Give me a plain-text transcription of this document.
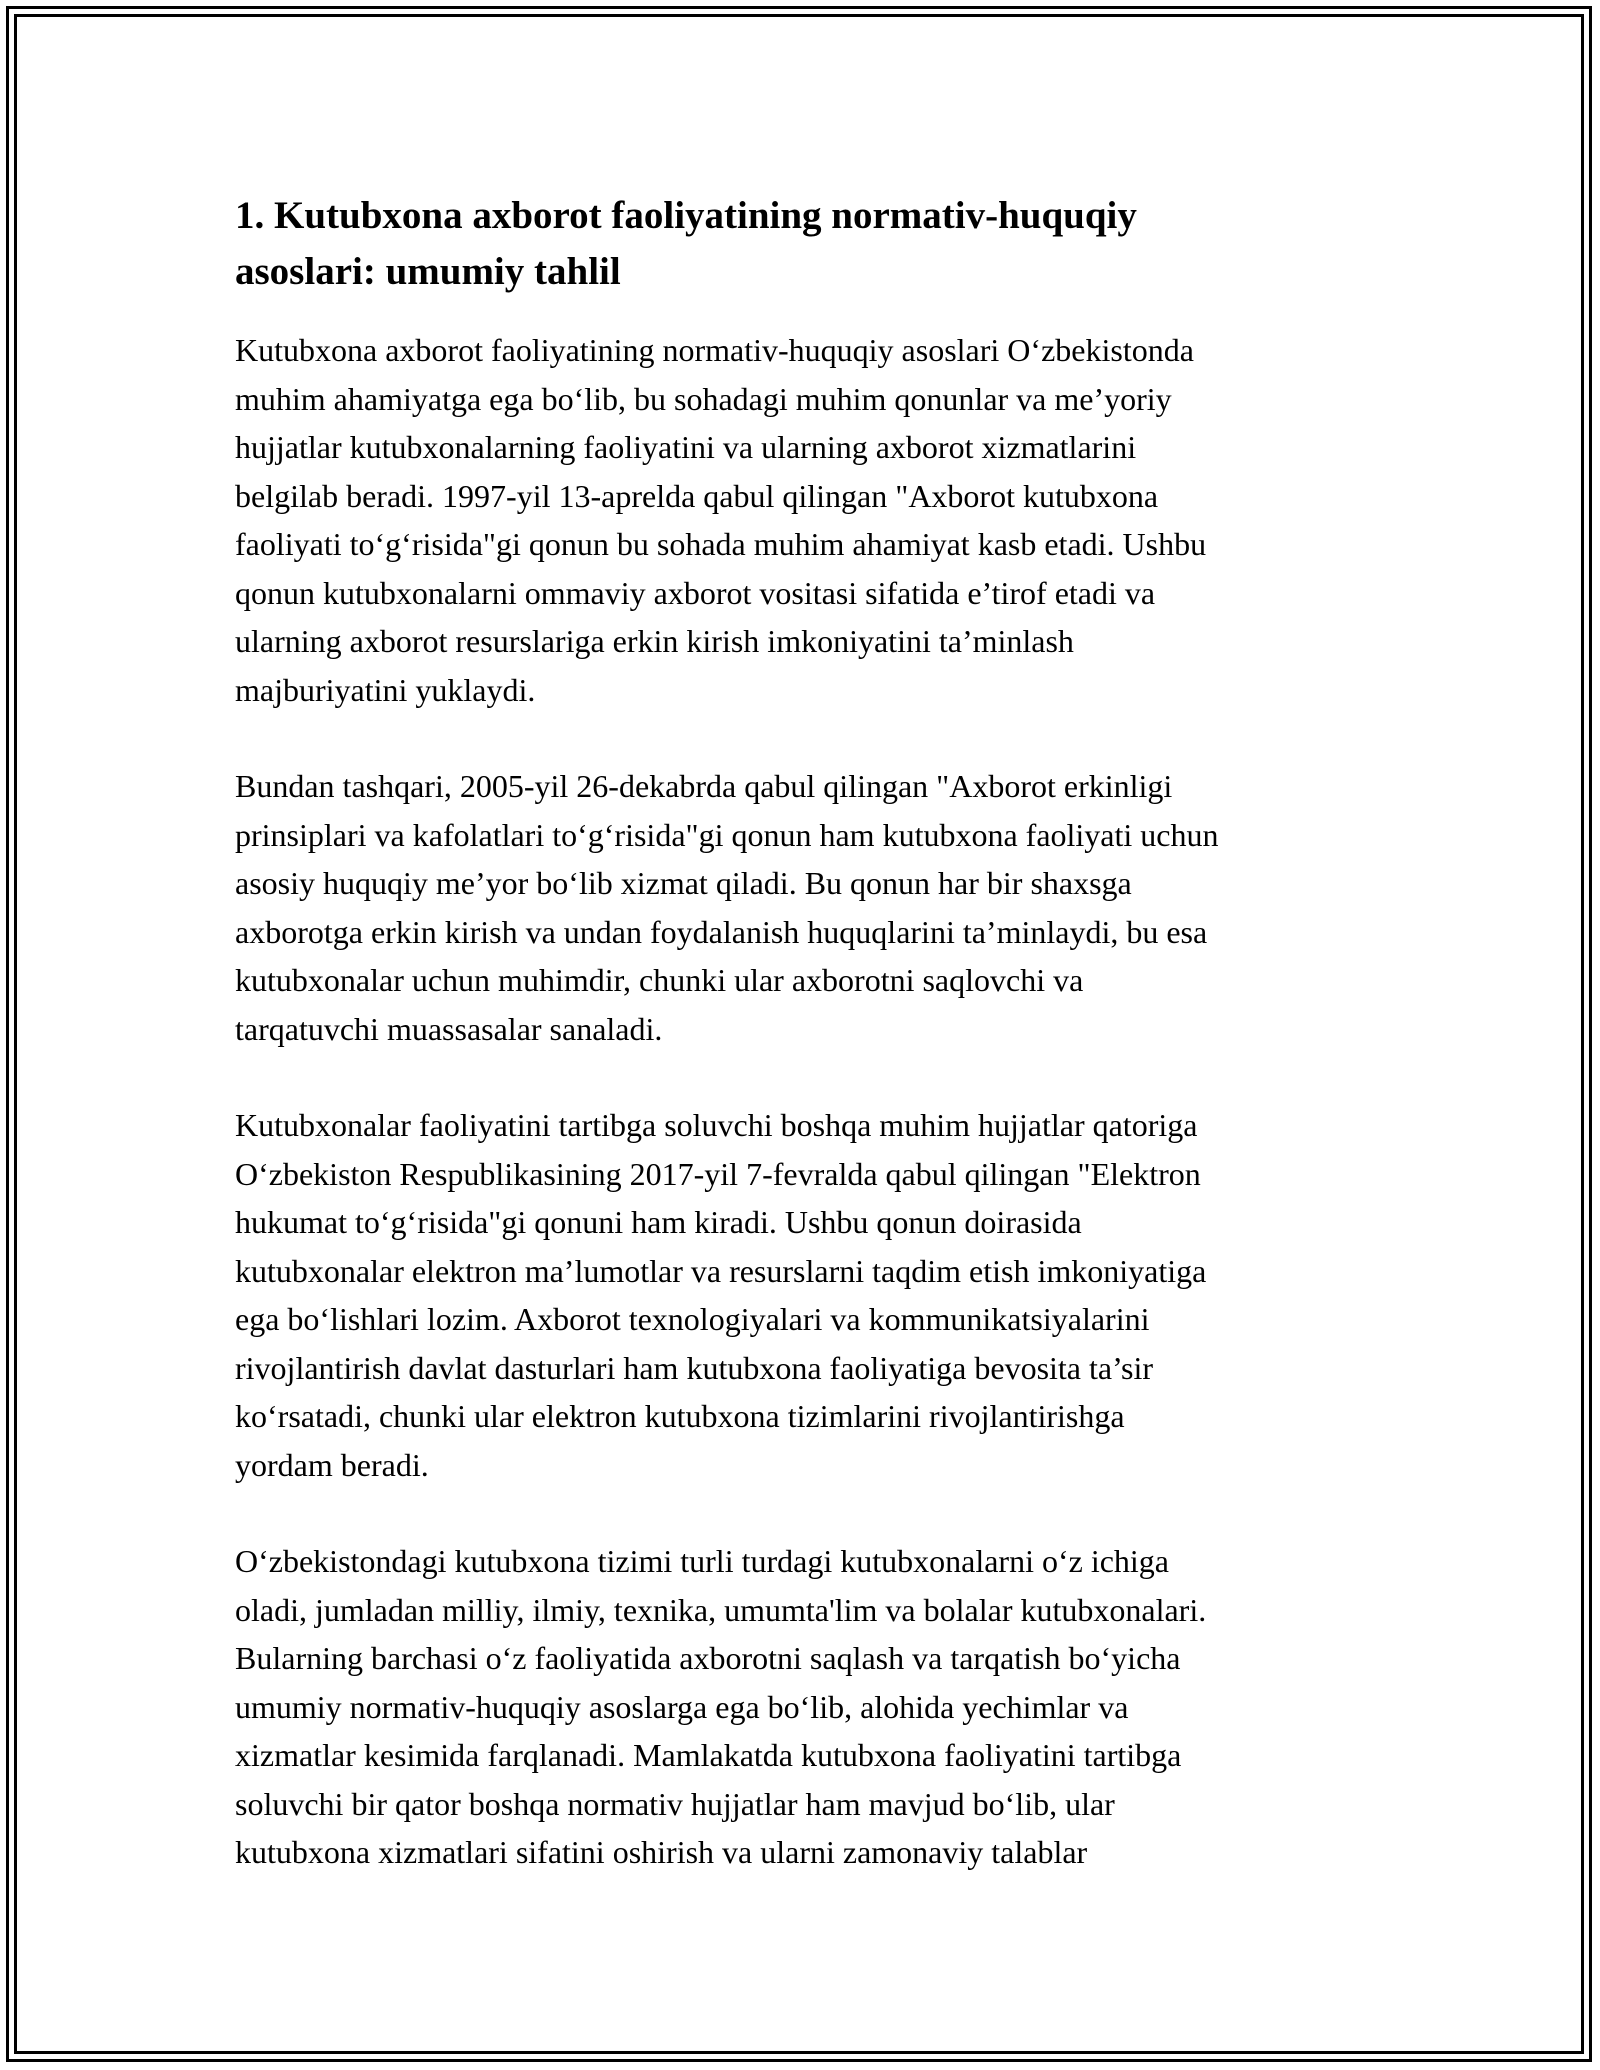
1. Kutubxona axborot faoliyatining normativ-huquqiy
asoslari: umumiy tahlil

Kutubxona axborot faoliyatining normativ-huquqiy asoslari O‘zbekistonda
muhim ahamiyatga ega bo‘lib, bu sohadagi muhim qonunlar va me’yoriy
hujjatlar kutubxonalarning faoliyatini va ularning axborot xizmatlarini
belgilab beradi. 1997-yil 13-aprelda qabul qilingan "Axborot kutubxona
faoliyati to‘g‘risida"gi qonun bu sohada muhim ahamiyat kasb etadi. Ushbu
qonun kutubxonalarni ommaviy axborot vositasi sifatida e’tirof etadi va
ularning axborot resurslariga erkin kirish imkoniyatini ta’minlash
majburiyatini yuklaydi.

Bundan tashqari, 2005-yil 26-dekabrda qabul qilingan "Axborot erkinligi
prinsiplari va kafolatlari to‘g‘risida"gi qonun ham kutubxona faoliyati uchun
asosiy huquqiy me’yor bo‘lib xizmat qiladi. Bu qonun har bir shaxsga
axborotga erkin kirish va undan foydalanish huquqlarini ta’minlaydi, bu esa
kutubxonalar uchun muhimdir, chunki ular axborotni saqlovchi va
tarqatuvchi muassasalar sanaladi.

Kutubxonalar faoliyatini tartibga soluvchi boshqa muhim hujjatlar qatoriga
O‘zbekiston Respublikasining 2017-yil 7-fevralda qabul qilingan "Elektron
hukumat to‘g‘risida"gi qonuni ham kiradi. Ushbu qonun doirasida
kutubxonalar elektron ma’lumotlar va resurslarni taqdim etish imkoniyatiga
ega bo‘lishlari lozim. Axborot texnologiyalari va kommunikatsiyalarini
rivojlantirish davlat dasturlari ham kutubxona faoliyatiga bevosita ta’sir
ko‘rsatadi, chunki ular elektron kutubxona tizimlarini rivojlantirishga
yordam beradi.

O‘zbekistondagi kutubxona tizimi turli turdagi kutubxonalarni o‘z ichiga
oladi, jumladan milliy, ilmiy, texnika, umumta'lim va bolalar kutubxonalari.
Bularning barchasi o‘z faoliyatida axborotni saqlash va tarqatish bo‘yicha
umumiy normativ-huquqiy asoslarga ega bo‘lib, alohida yechimlar va
xizmatlar kesimida farqlanadi. Mamlakatda kutubxona faoliyatini tartibga
soluvchi bir qator boshqa normativ hujjatlar ham mavjud bo‘lib, ular
kutubxona xizmatlari sifatini oshirish va ularni zamonaviy talablar
